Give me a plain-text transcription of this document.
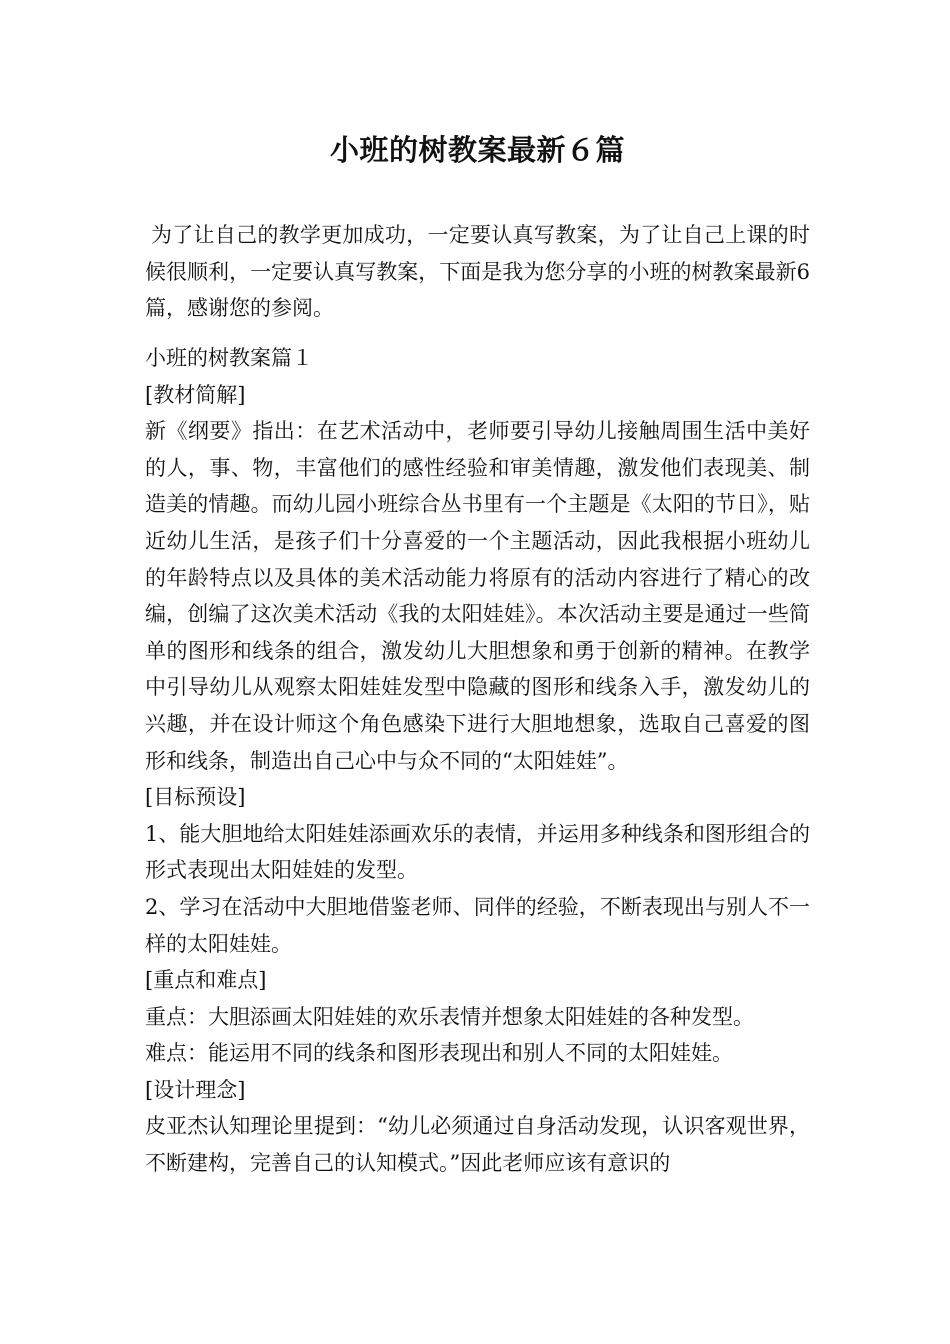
小班的树教案最新６篇

为了让自己的教学更加成功，一定要认真写教案，为了让自己上课的时候很顺利，一定要认真写教案，下面是我为您分享的小班的树教案最新6篇，感谢您的参阅。

小班的树教案篇１

[教材简解]

新《纲要》指出：在艺术活动中，老师要引导幼儿接触周围生活中美好的人，事、物，丰富他们的感性经验和审美情趣，激发他们表现美、制造美的情趣。而幼儿园小班综合丛书里有一个主题是《太阳的节日》，贴近幼儿生活，是孩子们十分喜爱的一个主题活动，因此我根据小班幼儿的年龄特点以及具体的美术活动能力将原有的活动内容进行了精心的改编，创编了这次美术活动《我的太阳娃娃》。本次活动主要是通过一些简单的图形和线条的组合，激发幼儿大胆想象和勇于创新的精神。在教学中引导幼儿从观察太阳娃娃发型中隐藏的图形和线条入手，激发幼儿的兴趣，并在设计师这个角色感染下进行大胆地想象，选取自己喜爱的图形和线条，制造出自己心中与众不同的“太阳娃娃”。

[目标预设]

1、能大胆地给太阳娃娃添画欢乐的表情，并运用多种线条和图形组合的形式表现出太阳娃娃的发型。

2、学习在活动中大胆地借鉴老师、同伴的经验，不断表现出与别人不一样的太阳娃娃。

[重点和难点]

重点：大胆添画太阳娃娃的欢乐表情并想象太阳娃娃的各种发型。

难点：能运用不同的线条和图形表现出和别人不同的太阳娃娃。

[设计理念]

皮亚杰认知理论里提到：“幼儿必须通过自身活动发现，认识客观世界，不断建构，完善自己的认知模式。”因此老师应该有意识的
